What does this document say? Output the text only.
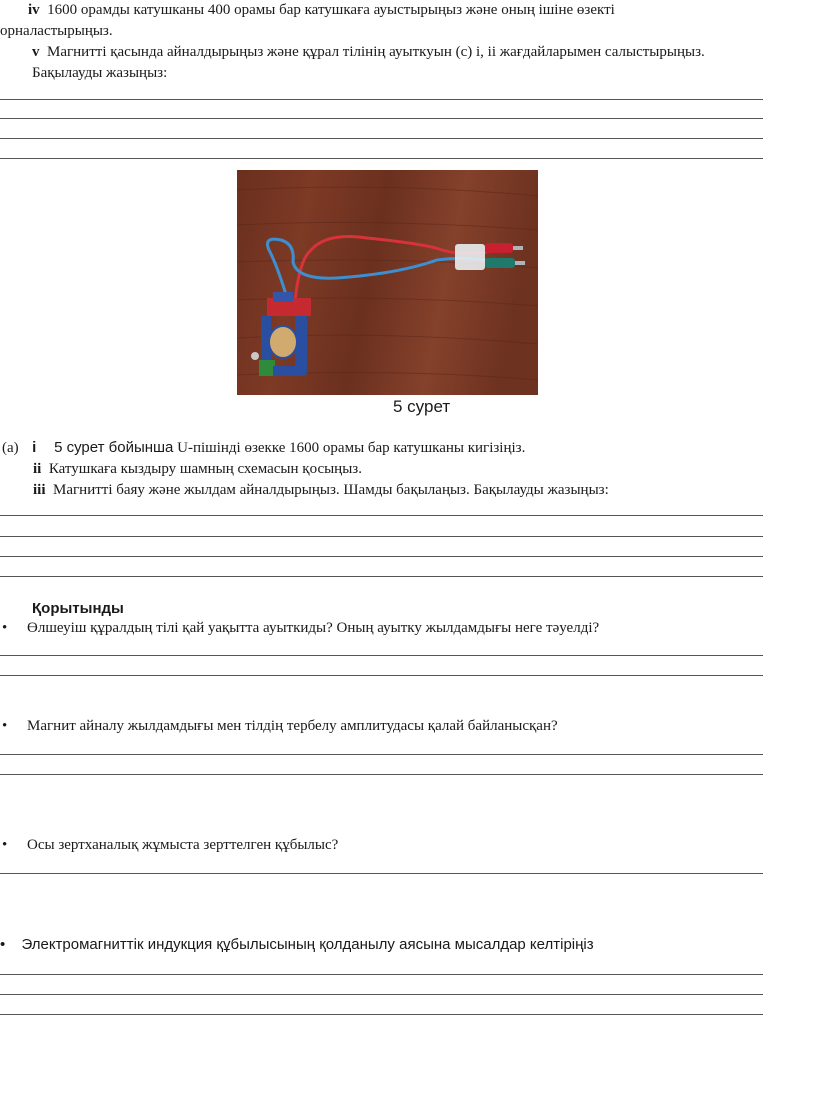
iv 1600 орамды катушканы 400 орамы бар катушкаға ауыстырыңыз және оның ішіне өзекті
орналастырыңыз.
v Магнитті қасында айналдырыңыз және құрал тілінің ауыткуын (с) і, іі жағдайларымен салыстырыңыз.
Бақылауды жазыңыз:
5 сурет
(а) і 5 сурет бойынша U-пішінді өзекке 1600 орамы бар катушканы кигізіңіз.
іі Катушкаға кыздыру шамның схемасын қосыңыз.
ііі Магнитті баяу және жылдам айналдырыңыз. Шамды бақылаңыз. Бақылауды жазыңыз:
Қорытынды
• Өлшеуіш құралдың тілі қай уақытта ауыткиды? Оның ауытку жылдамдығы неге тәуелді?
• Магнит айналу жылдамдығы мен тілдің тербелу амплитудасы қалай байланысқан?
• Осы зертханалық жұмыста зерттелген құбылыс?
• Электромагниттік индукция құбылысының қолданылу аясына мысалдар келтіріңіз
